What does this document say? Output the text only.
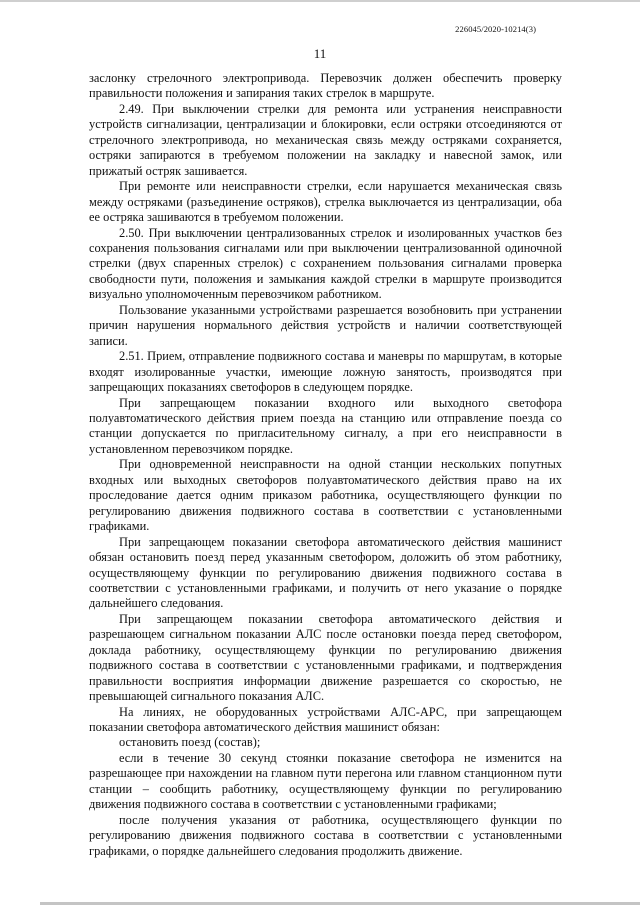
226045/2020-10214(3)
11

заслонку стрелочного электропривода. Перевозчик должен обеспечить проверку правильности положения и запирания таких стрелок в маршруте.

2.49. При выключении стрелки для ремонта или устранения неисправности устройств сигнализации, централизации и блокировки, если остряки отсоединяются от стрелочного электропривода, но механическая связь между остряками сохраняется, остряки запираются в требуемом положении на закладку и навесной замок, или прижатый остряк зашивается.

При ремонте или неисправности стрелки, если нарушается механическая связь между остряками (разъединение остряков), стрелка выключается из централизации, оба ее остряка зашиваются в требуемом положении.

2.50. При выключении централизованных стрелок и изолированных участков без сохранения пользования сигналами или при выключении централизованной одиночной стрелки (двух спаренных стрелок) с сохранением пользования сигналами проверка свободности пути, положения и замыкания каждой стрелки в маршруте производится визуально уполномоченным перевозчиком работником.

Пользование указанными устройствами разрешается возобновить при устранении причин нарушения нормального действия устройств и наличии соответствующей записи.

2.51. Прием, отправление подвижного состава и маневры по маршрутам, в которые входят изолированные участки, имеющие ложную занятость, производятся при запрещающих показаниях светофоров в следующем порядке.

При запрещающем показании входного или выходного светофора полуавтоматического действия прием поезда на станцию или отправление поезда со станции допускается по пригласительному сигналу, а при его неисправности в установленном перевозчиком порядке.

При одновременной неисправности на одной станции нескольких попутных входных или выходных светофоров полуавтоматического действия право на их проследование дается одним приказом работника, осуществляющего функции по регулированию движения подвижного состава в соответствии с установленными графиками.

При запрещающем показании светофора автоматического действия машинист обязан остановить поезд перед указанным светофором, доложить об этом работнику, осуществляющему функции по регулированию движения подвижного состава в соответствии с установленными графиками, и получить от него указание о порядке дальнейшего следования.

При запрещающем показании светофора автоматического действия и разрешающем сигнальном показании АЛС после остановки поезда перед светофором, доклада работнику, осуществляющему функции по регулированию движения подвижного состава в соответствии с установленными графиками, и подтверждения правильности восприятия информации движение разрешается со скоростью, не превышающей сигнального показания АЛС.

На линиях, не оборудованных устройствами АЛС-АРС, при запрещающем показании светофора автоматического действия машинист обязан:

остановить поезд (состав);

если в течение 30 секунд стоянки показание светофора не изменится на разрешающее при нахождении на главном пути перегона или главном станционном пути станции – сообщить работнику, осуществляющему функции по регулированию движения подвижного состава в соответствии с установленными графиками;

после получения указания от работника, осуществляющего функции по регулированию движения подвижного состава в соответствии с установленными графиками, о порядке дальнейшего следования продолжить движение.
